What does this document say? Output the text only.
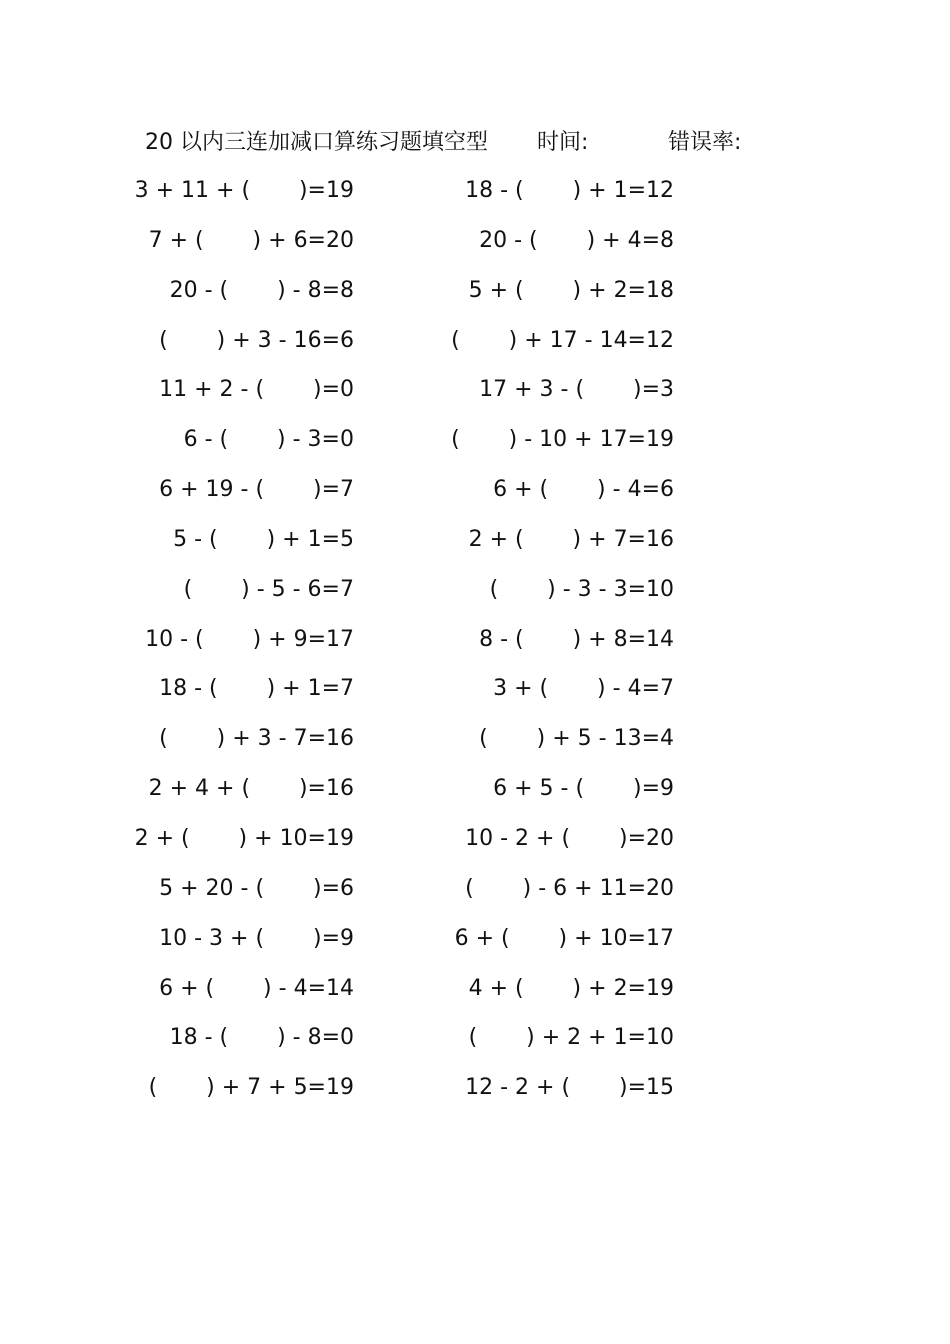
20 以内三连加减口算练习题填空型 时间:	错误率:
3 + 11 + (       )=19	18 - (       ) + 1=12
7 + (       ) + 6=20	20 - (       ) + 4=8
20 - (       ) - 8=8	5 + (       ) + 2=18
(       ) + 3 - 16=6	(       ) + 17 - 14=12
11 + 2 - (       )=0	17 + 3 - (       )=3
6 - (       ) - 3=0	(       ) - 10 + 17=19
6 + 19 - (       )=7	6 + (       ) - 4=6
5 - (       ) + 1=5	2 + (       ) + 7=16
(       ) - 5 - 6=7	(       ) - 3 - 3=10
10 - (       ) + 9=17	8 - (       ) + 8=14
18 - (       ) + 1=7	3 + (       ) - 4=7
(       ) + 3 - 7=16	(       ) + 5 - 13=4
2 + 4 + (       )=16	6 + 5 - (       )=9
2 + (       ) + 10=19	10 - 2 + (       )=20
5 + 20 - (       )=6	(       ) - 6 + 11=20
10 - 3 + (       )=9	6 + (       ) + 10=17
6 + (       ) - 4=14	4 + (       ) + 2=19
18 - (       ) - 8=0	(       ) + 2 + 1=10
(       ) + 7 + 5=19	12 - 2 + (       )=15
